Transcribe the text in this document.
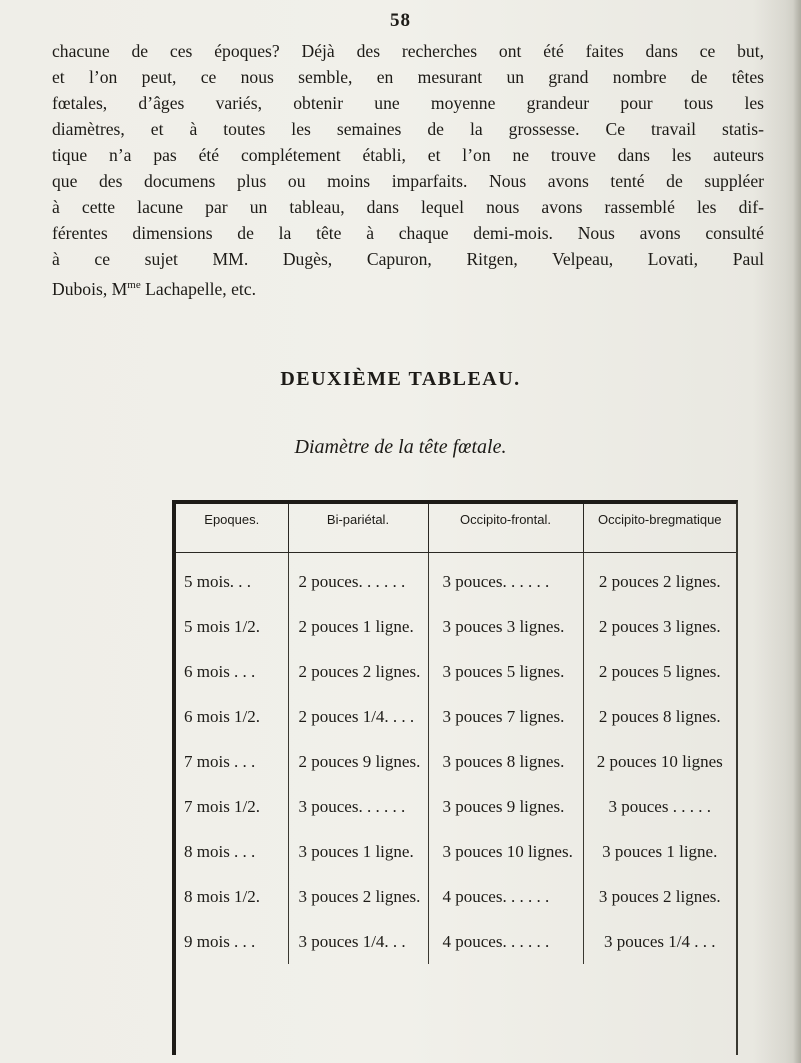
58
chacune de ces époques? Déjà des recherches ont été faites dans ce but,
et l’on peut, ce nous semble, en mesurant un grand nombre de têtes
fœtales, d’âges variés, obtenir une moyenne grandeur pour tous les
diamètres, et à toutes les semaines de la grossesse. Ce travail statis-
tique n’a pas été complétement établi, et l’on ne trouve dans les auteurs
que des documens plus ou moins imparfaits. Nous avons tenté de suppléer
à cette lacune par un tableau, dans lequel nous avons rassemblé les dif-
férentes dimensions de la tête à chaque demi-mois. Nous avons consulté
à ce sujet MM. Dugès, Capuron, Ritgen, Velpeau, Lovati, Paul
Dubois, $M^{me}$ Lachapelle, etc.
DEUXIÈME TABLEAU.
Diamètre de la tête fœtale.
Epoques.	Bi-pariétal.	Occipito-frontal.	Occipito-bregmatique
5 mois. . .	2 pouces. . . . . .	3 pouces. . . . . .	2 pouces 2 lignes.
5 mois 1/2.	2 pouces 1 ligne.	3 pouces 3 lignes.	2 pouces 3 lignes.
6 mois . . .	2 pouces 2 lignes.	3 pouces 5 lignes.	2 pouces 5 lignes.
6 mois 1/2.	2 pouces 1/4. . . .	3 pouces 7 lignes.	2 pouces 8 lignes.
7 mois . . .	2 pouces 9 lignes.	3 pouces 8 lignes.	2 pouces 10 lignes
7 mois 1/2.	3 pouces. . . . . .	3 pouces 9 lignes.	3 pouces . . . . .
8 mois . . .	3 pouces 1 ligne.	3 pouces 10 lignes.	3 pouces 1 ligne.
8 mois 1/2.	3 pouces 2 lignes.	4 pouces. . . . . .	3 pouces 2 lignes.
9 mois . . .	3 pouces 1/4. . .	4 pouces. . . . . .	3 pouces 1/4 . . .
